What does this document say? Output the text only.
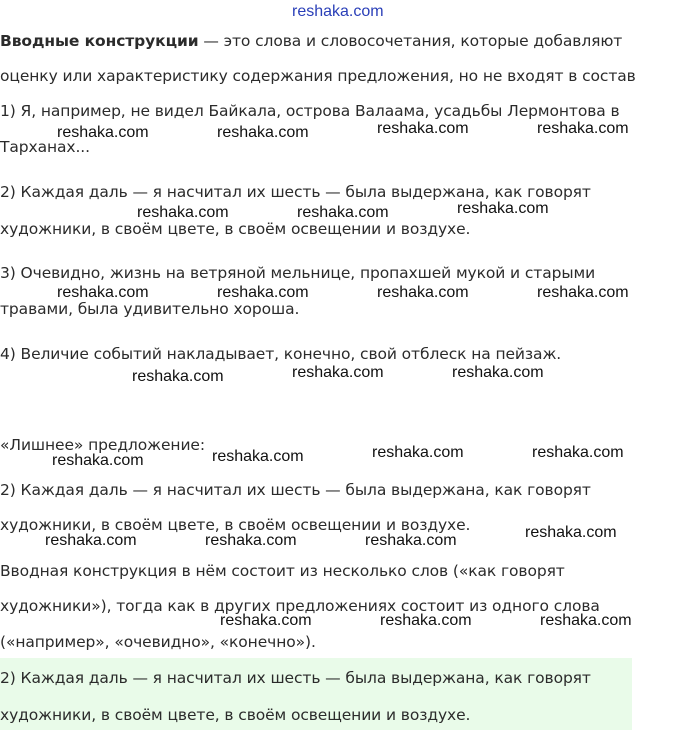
reshaka.com

Вводные конструкции — это слова и словосочетания, которые добавляют

оценку или характеристику содержания предложения, но не входят в состав

1) Я, например, не видел Байкала, острова Валаама, усадьбы Лермонтова в

Тарханах...

2) Каждая даль — я насчитал их шесть — была выдержана, как говорят

художники, в своём цвете, в своём освещении и воздухе.

3) Очевидно, жизнь на ветряной мельнице, пропахшей мукой и старыми

травами, была удивительно хороша.

4) Величие событий накладывает, конечно, свой отблеск на пейзаж.

«Лишнее» предложение:

2) Каждая даль — я насчитал их шесть — была выдержана, как говорят

художники, в своём цвете, в своём освещении и воздухе.

Вводная конструкция в нём состоит из несколько слов («как говорят

художники»), тогда как в других предложениях состоит из одного слова

(«например», «очевидно», «конечно»).

2) Каждая даль — я насчитал их шесть — была выдержана, как говорят

художники, в своём цвете, в своём освещении и воздухе.

reshaka.com	reshaka.com	reshaka.com	reshaka.com
reshaka.com	reshaka.com	reshaka.com
reshaka.com	reshaka.com	reshaka.com	reshaka.com
reshaka.com	reshaka.com	reshaka.com
reshaka.com	reshaka.com	reshaka.com	reshaka.com
reshaka.com	reshaka.com	reshaka.com	reshaka.com
reshaka.com	reshaka.com	reshaka.com
